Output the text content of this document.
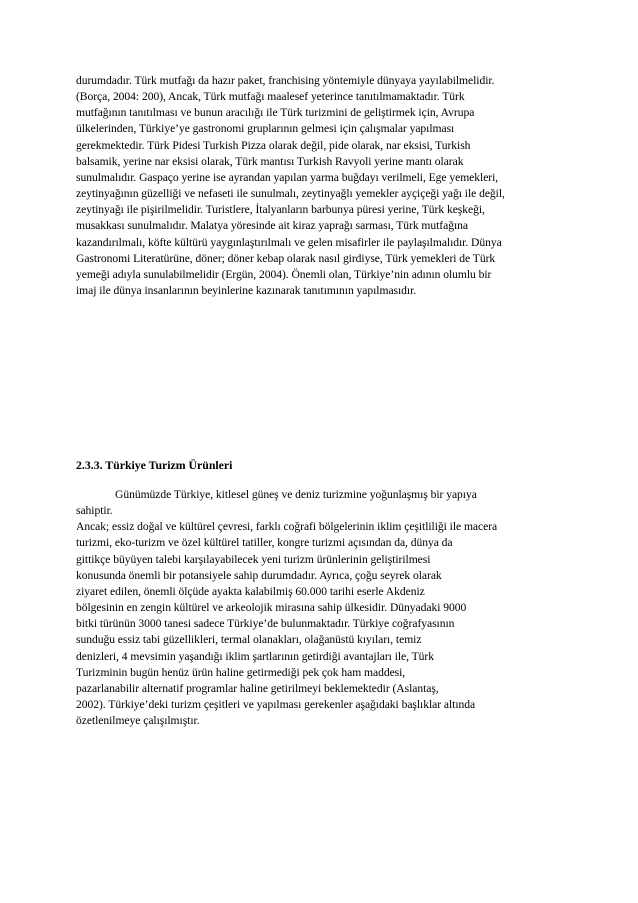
durumdadır. Türk mutfağı da hazır paket, franchising yöntemiyle dünyaya yayılabilmelidir.
(Borça, 2004: 200), Ancak, Türk mutfağı maalesef yeterince tanıtılmamaktadır. Türk
mutfağının tanıtılması ve bunun aracılığı ile Türk turizmini de geliştirmek için, Avrupa
ülkelerinden, Türkiye’ye gastronomi gruplarının gelmesi için çalışmalar yapılması
gerekmektedir. Türk Pidesi Turkish Pizza olarak değil, pide olarak, nar eksisi, Turkish
balsamik, yerine nar eksisi olarak, Türk mantısı Turkish Ravyoli yerine mantı olarak
sunulmalıdır. Gaspaço yerine ise ayrandan yapılan yarma buğdayı verilmeli, Ege yemekleri,
zeytinyağının güzelliği ve nefaseti ile sunulmalı, zeytinyağlı yemekler ayçiçeği yağı ile değil,
zeytinyağı ile pişirilmelidir. Turistlere, İtalyanların barbunya püresi yerine, Türk keşkeği,
musakkası sunulmalıdır. Malatya yöresinde ait kiraz yaprağı sarması, Türk mutfağına
kazandırılmalı, köfte kültürü yaygınlaştırılmalı ve gelen misafirler ile paylaşılmalıdır. Dünya
Gastronomi Literatürüne, döner; döner kebap olarak nasıl girdiyse, Türk yemekleri de Türk
yemeği adıyla sunulabilmelidir (Ergün, 2004). Önemli olan, Türkiye’nin adının olumlu bir
imaj ile dünya insanlarının beyinlerine kazınarak tanıtımının yapılmasıdır.
2.3.3. Türkiye Turizm Ürünleri
Günümüzde Türkiye, kitlesel güneş ve deniz turizmine yoğunlaşmış bir yapıya
sahiptir.
Ancak; essiz doğal ve kültürel çevresi, farklı coğrafi bölgelerinin iklim çeşitliliği ile macera
turizmi, eko-turizm ve özel kültürel tatiller, kongre turizmi açısından da, dünya da
gittikçe büyüyen talebi karşılayabilecek yeni turizm ürünlerinin geliştirilmesi
konusunda önemli bir potansiyele sahip durumdadır. Ayrıca, çoğu seyrek olarak
ziyaret edilen, önemli ölçüde ayakta kalabilmiş 60.000 tarihi eserle Akdeniz
bölgesinin en zengin kültürel ve arkeolojik mirasına sahip ülkesidir. Dünyadaki 9000
bitki türünün 3000 tanesi sadece Türkiye’de bulunmaktadır. Türkiye coğrafyasının
sunduğu essiz tabi güzellikleri, termal olanakları, olağanüstü kıyıları, temiz
denizleri, 4 mevsimin yaşandığı iklim şartlarının getirdiği avantajları ile, Türk
Turizminin bugün henüz ürün haline getirmediği pek çok ham maddesi,
pazarlanabilir alternatif programlar haline getirilmeyi beklemektedir (Aslantaş,
2002). Türkiye’deki turizm çeşitleri ve yapılması gerekenler aşağıdaki başlıklar altında
özetlenilmeye çalışılmıştır.
